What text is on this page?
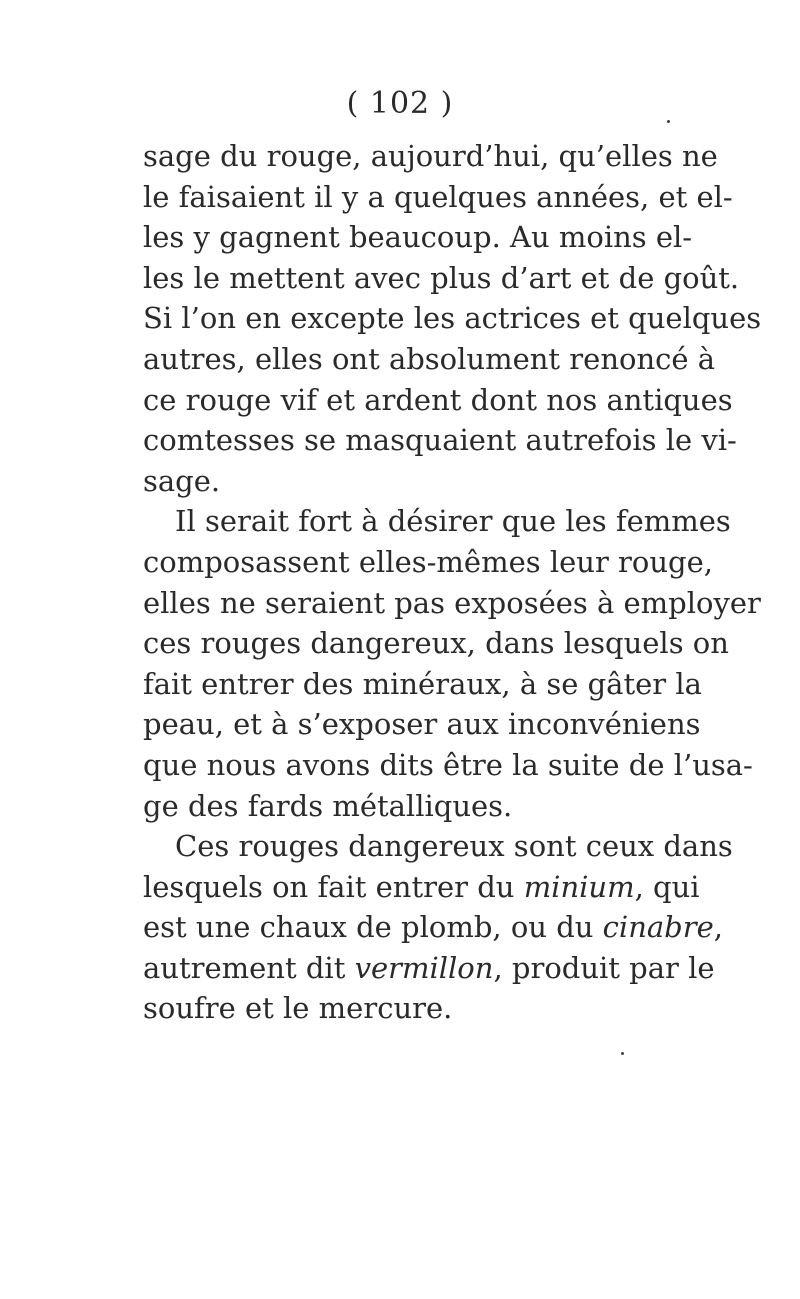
( 102 )
sage du rouge, aujourd’hui, qu’elles ne
le faisaient il y a quelques années, et el-
les y gagnent beaucoup. Au moins el-
les le mettent avec plus d’art et de goût.
Si l’on en excepte les actrices et quelques
autres, elles ont absolument renoncé à
ce rouge vif et ardent dont nos antiques
comtesses se masquaient autrefois le vi-
sage.
Il serait fort à désirer que les femmes
composassent elles-mêmes leur rouge,
elles ne seraient pas exposées à employer
ces rouges dangereux, dans lesquels on
fait entrer des minéraux, à se gâter la
peau, et à s’exposer aux inconvéniens
que nous avons dits être la suite de l’usa-
ge des fards métalliques.
Ces rouges dangereux sont ceux dans
lesquels on fait entrer du minium, qui
est une chaux de plomb, ou du cinabre,
autrement dit vermillon, produit par le
soufre et le mercure.
